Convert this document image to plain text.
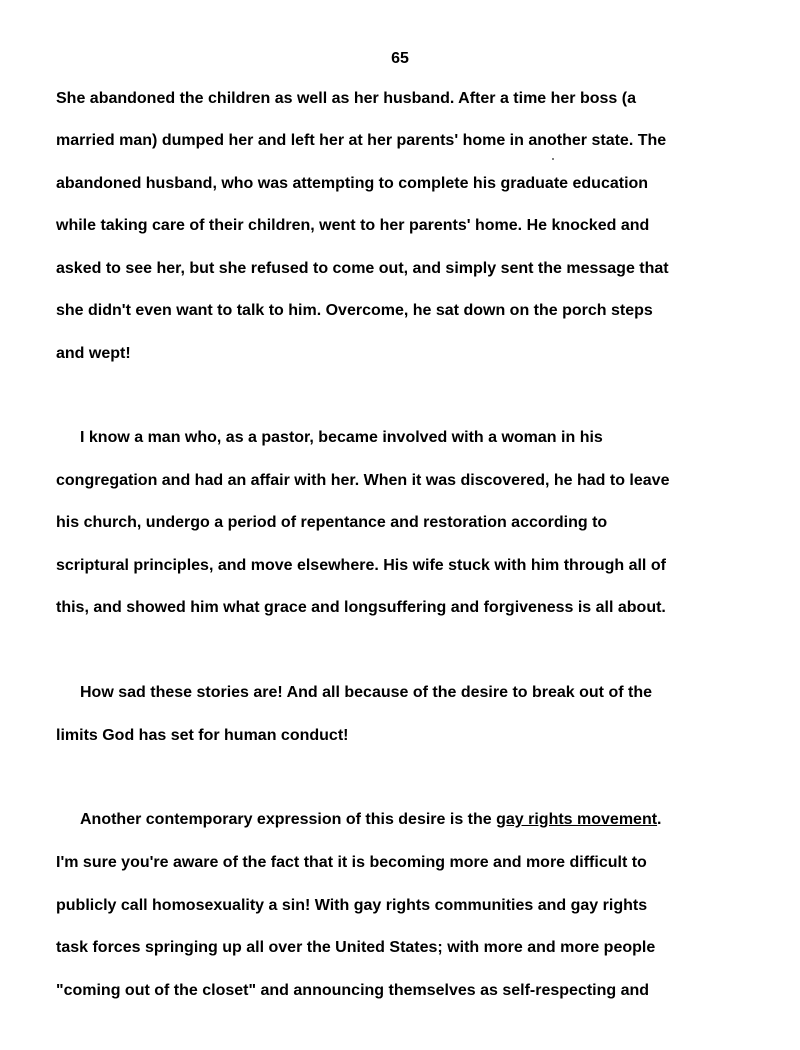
65

She abandoned the children as well as her husband. After a time her boss (a

married man) dumped her and left her at her parents' home in another state. The

abandoned husband, who was attempting to complete his graduate education

while taking care of their children, went to her parents' home. He knocked and

asked to see her, but she refused to come out, and simply sent the message that

she didn't even want to talk to him. Overcome, he sat down on the porch steps

and wept!

I know a man who, as a pastor, became involved with a woman in his

congregation and had an affair with her. When it was discovered, he had to leave

his church, undergo a period of repentance and restoration according to

scriptural principles, and move elsewhere. His wife stuck with him through all of

this, and showed him what grace and longsuffering and forgiveness is all about.

How sad these stories are! And all because of the desire to break out of the

limits God has set for human conduct!

Another contemporary expression of this desire is the gay rights movement.

I'm sure you're aware of the fact that it is becoming more and more difficult to

publicly call homosexuality a sin! With gay rights communities and gay rights

task forces springing up all over the United States; with more and more people

"coming out of the closet" and announcing themselves as self-respecting and
